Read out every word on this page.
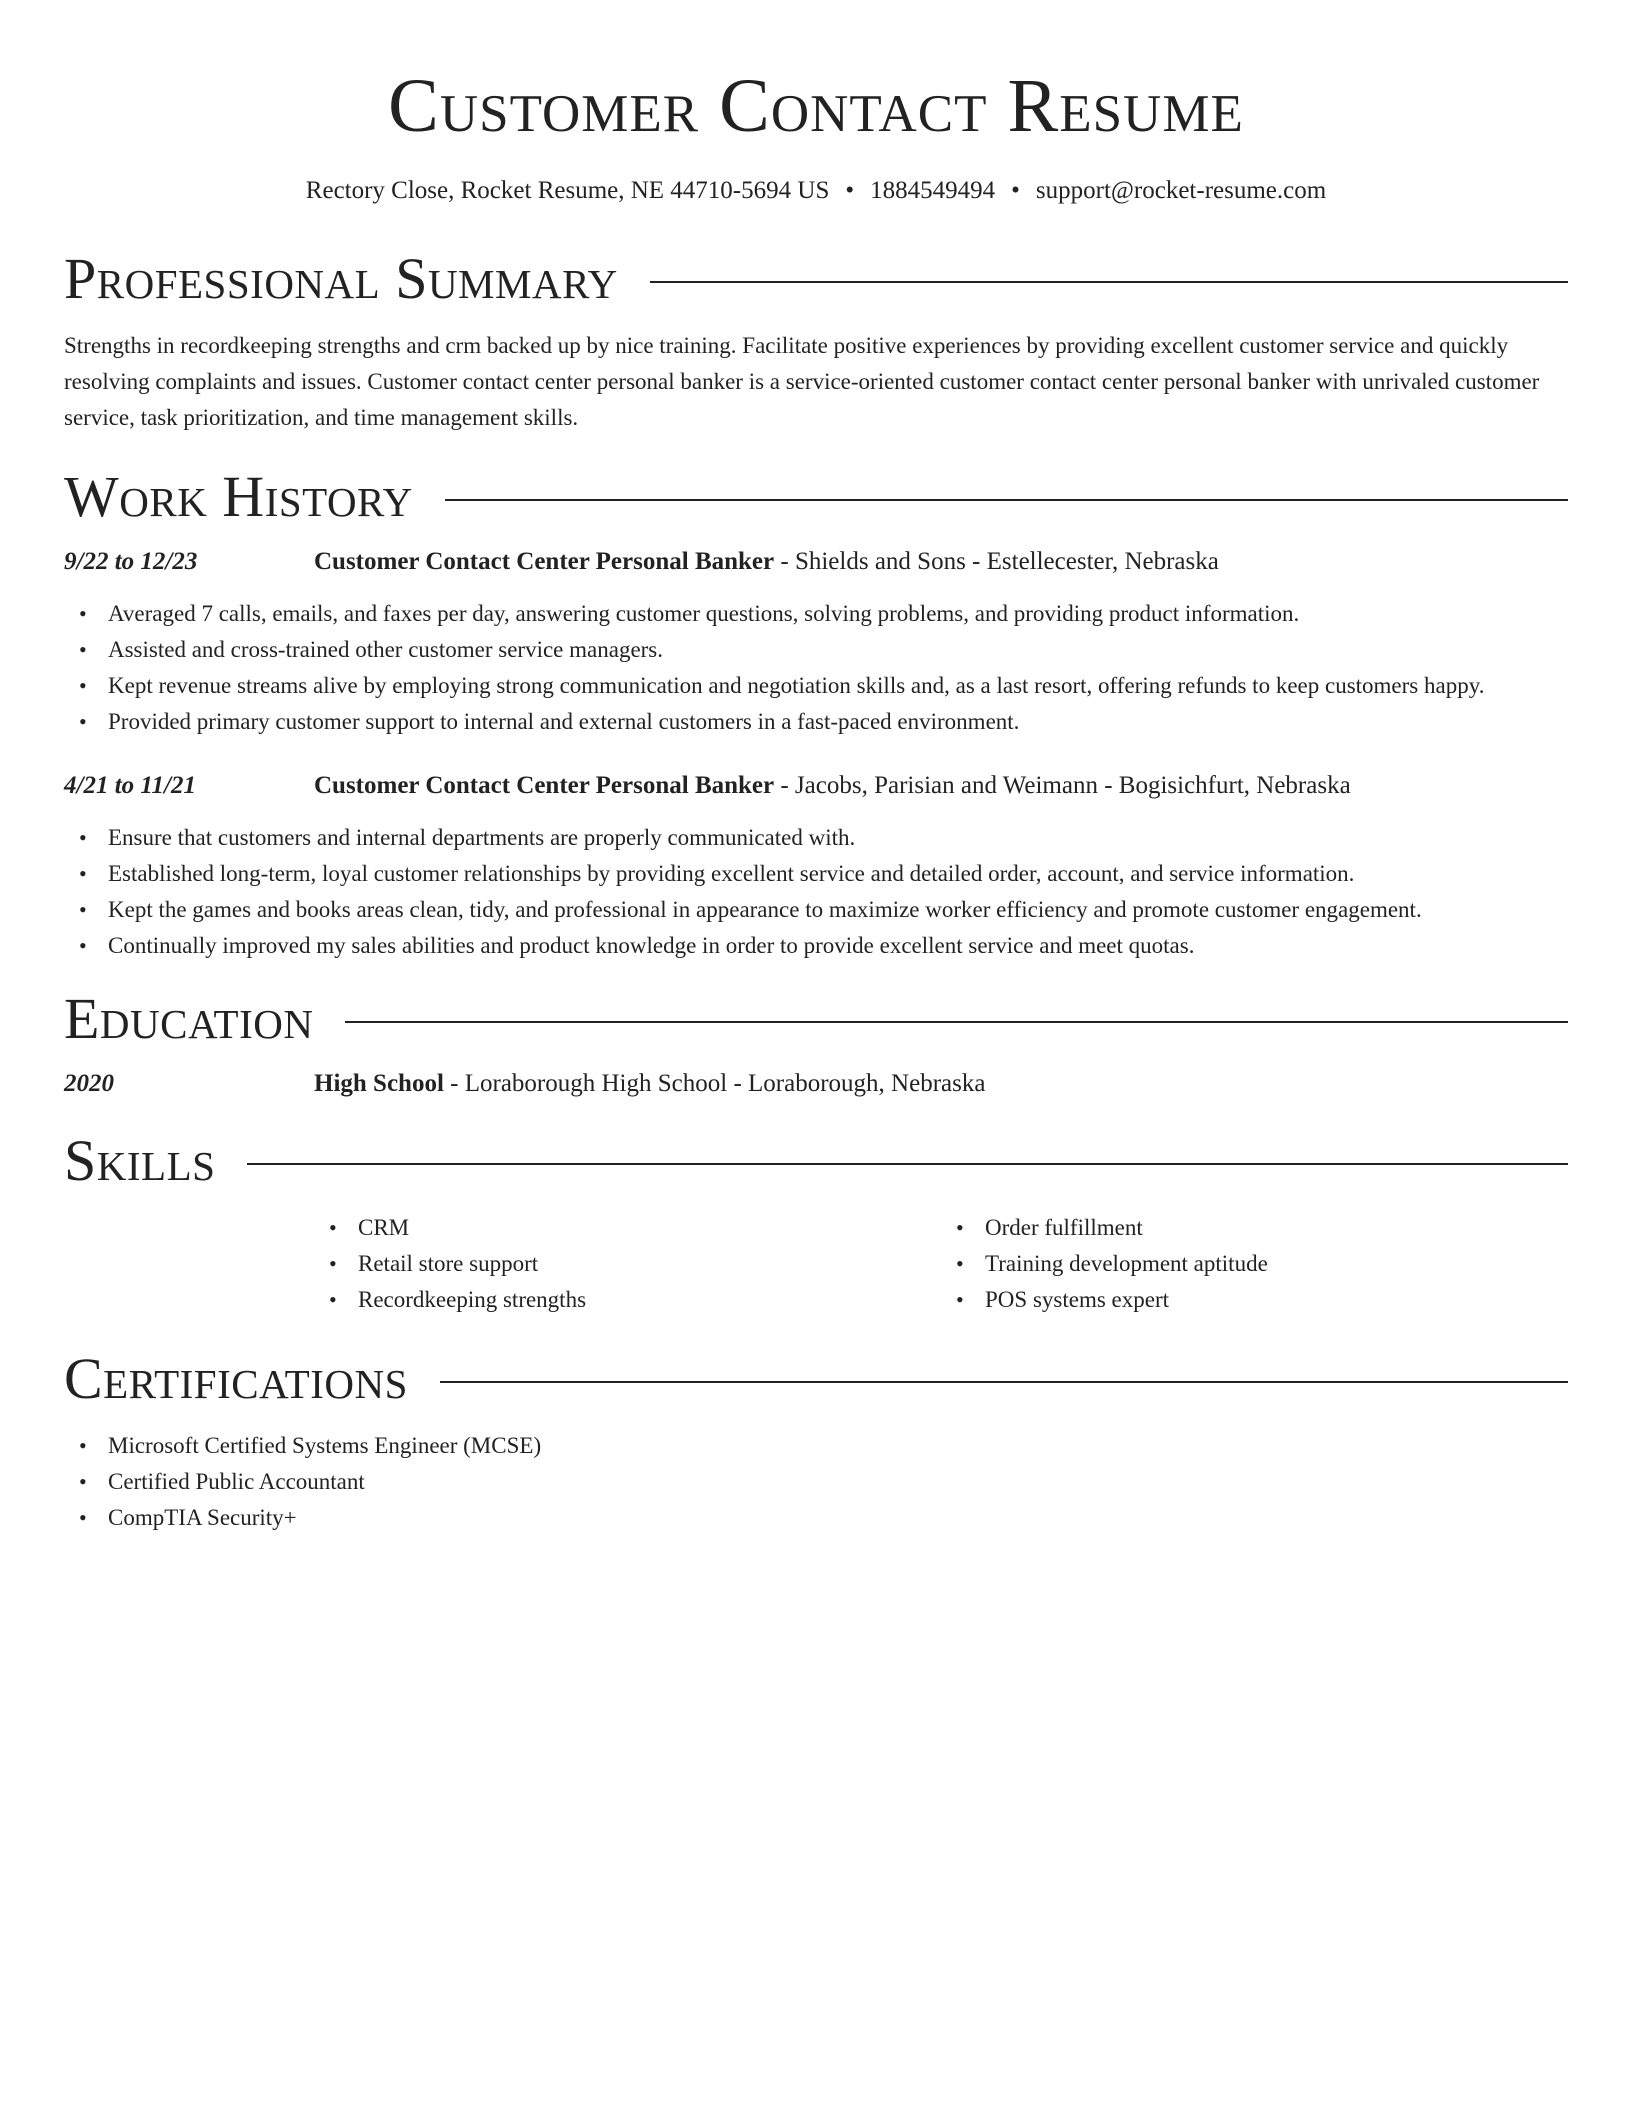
Customer Contact Resume
Rectory Close, Rocket Resume, NE 44710-5694 US • 1884549494 • support@rocket-resume.com
Professional Summary

Strengths in recordkeeping strengths and crm backed up by nice training. Facilitate positive experiences by providing excellent customer service and quickly resolving complaints and issues. Customer contact center personal banker is a service-oriented customer contact center personal banker with unrivaled customer service, task prioritization, and time management skills.

Work History
9/22 to 12/23	Customer Contact Center Personal Banker - Shields and Sons - Estellecester, Nebraska
• Averaged 7 calls, emails, and faxes per day, answering customer questions, solving problems, and providing product information.
• Assisted and cross-trained other customer service managers.
• Kept revenue streams alive by employing strong communication and negotiation skills and, as a last resort, offering refunds to keep customers happy.
• Provided primary customer support to internal and external customers in a fast-paced environment.
4/21 to 11/21	Customer Contact Center Personal Banker - Jacobs, Parisian and Weimann - Bogisichfurt, Nebraska
• Ensure that customers and internal departments are properly communicated with.
• Established long-term, loyal customer relationships by providing excellent service and detailed order, account, and service information.
• Kept the games and books areas clean, tidy, and professional in appearance to maximize worker efficiency and promote customer engagement.
• Continually improved my sales abilities and product knowledge in order to provide excellent service and meet quotas.
Education
2020	High School - Loraborough High School - Loraborough, Nebraska
Skills
• CRM
• Retail store support
• Recordkeeping strengths
• Order fulfillment
• Training development aptitude
• POS systems expert
Certifications
• Microsoft Certified Systems Engineer (MCSE)
• Certified Public Accountant
• CompTIA Security+
